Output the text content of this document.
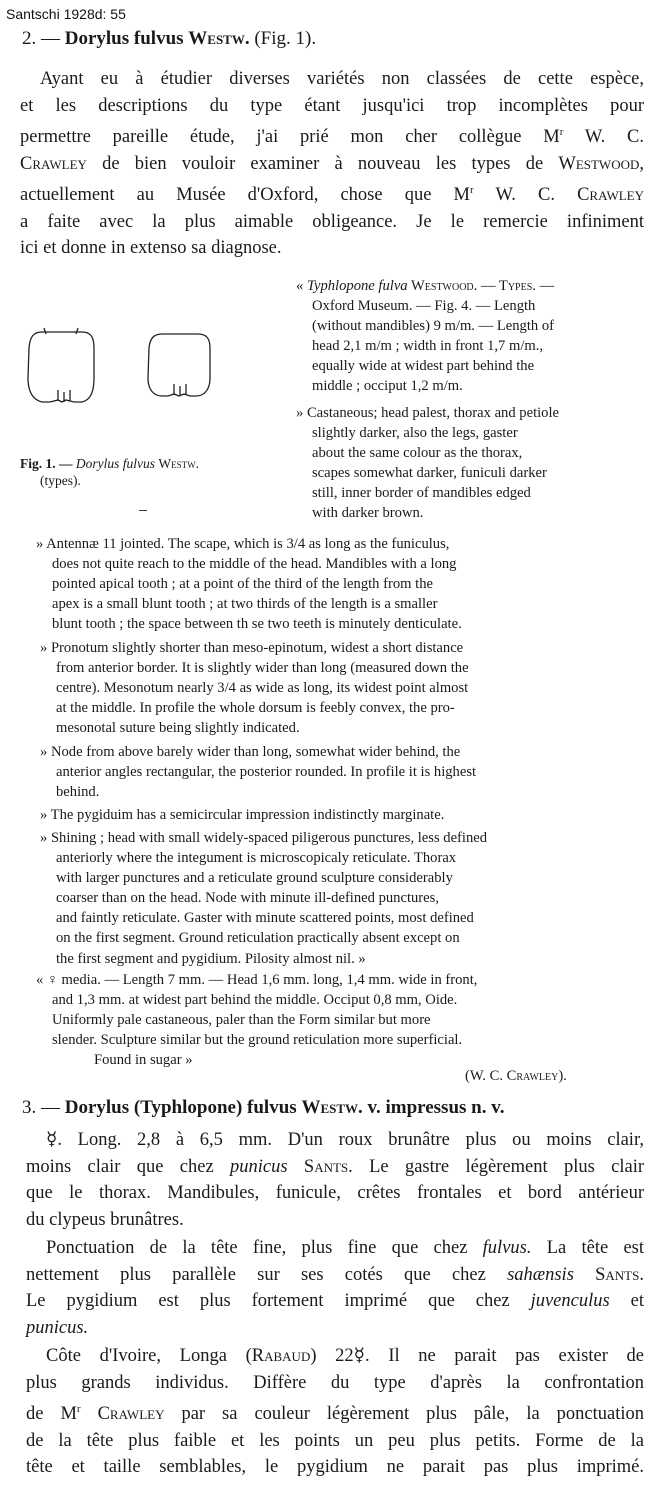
Santschi 1928d: 55
2. — Dorylus fulvus Westw. (Fig. 1).
Ayant eu à étudier diverses variétés non classées de cette espèce,
et les descriptions du type étant jusqu'ici trop incomplètes pour
permettre pareille étude, j'ai prié mon cher collègue $M^r$ W. C.
Crawley de bien vouloir examiner à nouveau les types de Westwood,
actuellement au Musée d'Oxford, chose que $M^r$ W. C. Crawley
a faite avec la plus aimable obligeance. Je le remercie infiniment
ici et donne in extenso sa diagnose.
Fig. 1. — Dorylus fulvus Westw.
(types).
« Typhlopone fulva Westwood. — Types. —
Oxford Museum. — Fig. 4. — Length
(without mandibles) 9 m/m. — Length of
head 2,1 m/m ; width in front 1,7 m/m.,
equally wide at widest part behind the
middle ; occiput 1,2 m/m.
» Castaneous; head palest, thorax and petiole
slightly darker, also the legs, gaster
about the same colour as the thorax,
scapes somewhat darker, funiculi darker
still, inner border of mandibles edged
with darker brown.
» Antennæ 11 jointed. The scape, which is 3/4 as long as the funiculus,
does not quite reach to the middle of the head. Mandibles with a long
pointed apical tooth ; at a point of the third of the length from the
apex is a small blunt tooth ; at two thirds of the length is a smaller
blunt tooth ; the space between th se two teeth is minutely denticulate.
» Pronotum slightly shorter than meso-epinotum, widest a short distance
from anterior border. It is slightly wider than long (measured down the
centre). Mesonotum nearly 3/4 as wide as long, its widest point almost
at the middle. In profile the whole dorsum is feebly convex, the pro-
mesonotal suture being slightly indicated.
» Node from above barely wider than long, somewhat wider behind, the
anterior angles rectangular, the posterior rounded. In profile it is highest
behind.
» The pygiduim has a semicircular impression indistinctly marginate.
» Shining ; head with small widely-spaced piligerous punctures, less defined
anteriorly where the integument is microscopicaly reticulate. Thorax
with larger punctures and a reticulate ground sculpture considerably
coarser than on the head. Node with minute ill-defined punctures,
and faintly reticulate. Gaster with minute scattered points, most defined
on the first segment. Ground reticulation practically absent except on
the first segment and pygidium. Pilosity almost nil. »
« ♀ media. — Length 7 mm. — Head 1,6 mm. long, 1,4 mm. wide in front,
and 1,3 mm. at widest part behind the middle. Occiput 0,8 mm, Oide.
Uniformly pale castaneous, paler than the Form similar but more
slender. Sculpture similar but the ground reticulation more superficial.
Found in sugar »
(W. C. Crawley).
3. — Dorylus (Typhlopone) fulvus Westw. v. impressus n. v.
☿. Long. 2,8 à 6,5 mm. D'un roux brunâtre plus ou moins clair,
moins clair que chez punicus Sants. Le gastre légèrement plus clair
que le thorax. Mandibules, funicule, crêtes frontales et bord antérieur
du clypeus brunâtres.
Ponctuation de la tête fine, plus fine que chez fulvus. La tête est
nettement plus parallèle sur ses cotés que chez sahænsis Sants.
Le pygidium est plus fortement imprimé que chez juvenculus et
punicus.
Côte d'Ivoire, Longa (Rabaud) 22☿. Il ne parait pas exister de
plus grands individus. Diffère du type d'après la confrontation
de $M^r$ Crawley par sa couleur légèrement plus pâle, la ponctuation
de la tête plus faible et les points un peu plus petits. Forme de la
tête et taille semblables, le pygidium ne parait pas plus imprimé.
